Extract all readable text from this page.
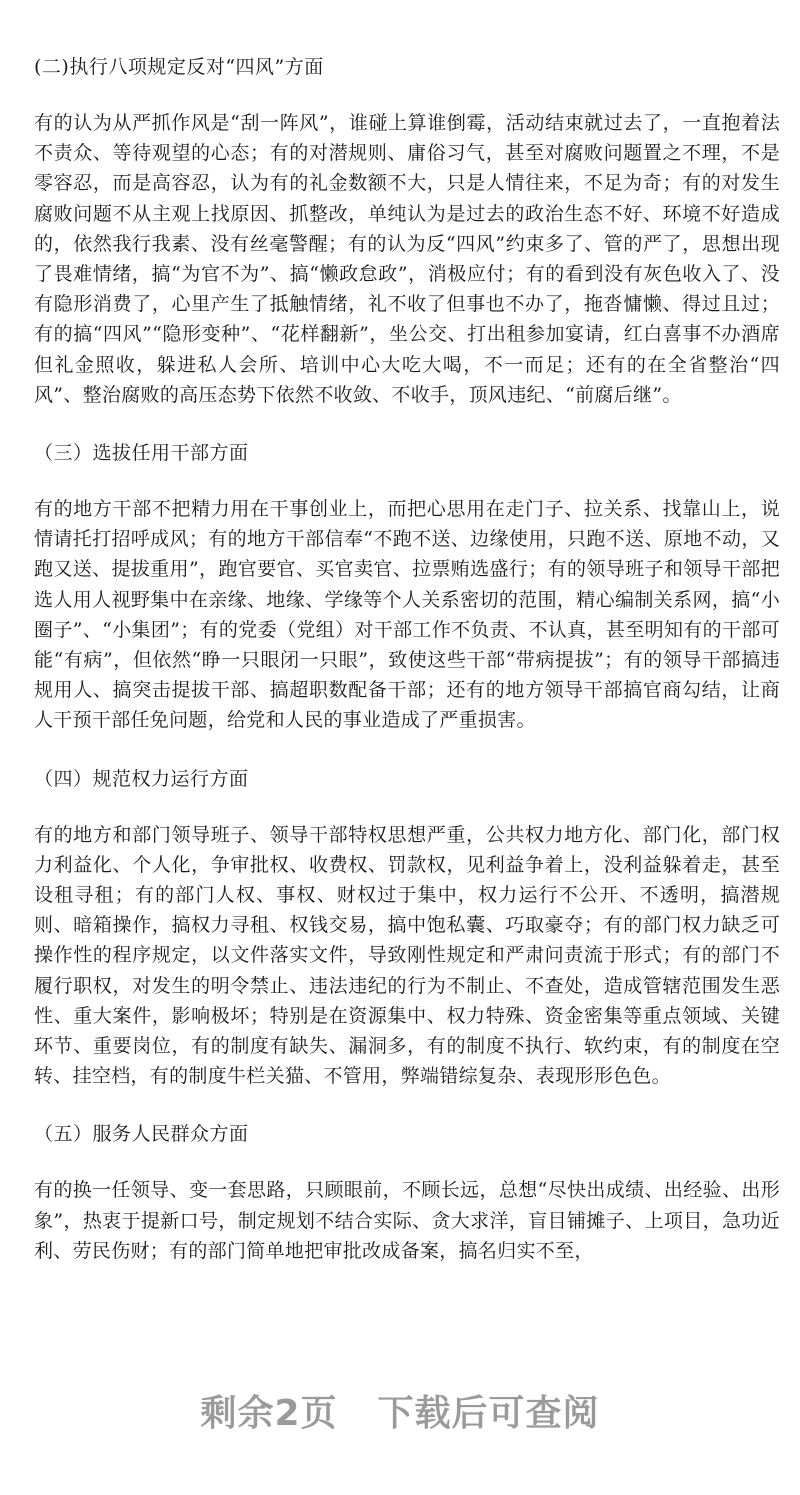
(二)执行八项规定反对“四风”方面

有的认为从严抓作风是“刮一阵风”，谁碰上算谁倒霉，活动结束就过去了，一直抱着法不责众、等待观望的心态；有的对潜规则、庸俗习气，甚至对腐败问题置之不理，不是零容忍，而是高容忍，认为有的礼金数额不大，只是人情往来，不足为奇；有的对发生腐败问题不从主观上找原因、抓整改，单纯认为是过去的政治生态不好、环境不好造成的，依然我行我素、没有丝毫警醒；有的认为反“四风”约束多了、管的严了，思想出现了畏难情绪，搞“为官不为”、搞“懒政怠政”，消极应付；有的看到没有灰色收入了、没有隐形消费了，心里产生了抵触情绪，礼不收了但事也不办了，拖沓慵懒、得过且过；有的搞“四风”“隐形变种”、“花样翻新”，坐公交、打出租参加宴请，红白喜事不办酒席但礼金照收，躲进私人会所、培训中心大吃大喝，不一而足；还有的在全省整治“四风”、整治腐败的高压态势下依然不收敛、不收手，顶风违纪、“前腐后继”。

（三）选拔任用干部方面

有的地方干部不把精力用在干事创业上，而把心思用在走门子、拉关系、找靠山上，说情请托打招呼成风；有的地方干部信奉“不跑不送、边缘使用，只跑不送、原地不动，又跑又送、提拔重用”，跑官要官、买官卖官、拉票贿选盛行；有的领导班子和领导干部把选人用人视野集中在亲缘、地缘、学缘等个人关系密切的范围，精心编制关系网，搞“小圈子”、“小集团”；有的党委（党组）对干部工作不负责、不认真，甚至明知有的干部可能“有病”，但依然“睁一只眼闭一只眼”，致使这些干部“带病提拔”；有的领导干部搞违规用人、搞突击提拔干部、搞超职数配备干部；还有的地方领导干部搞官商勾结，让商人干预干部任免问题，给党和人民的事业造成了严重损害。

（四）规范权力运行方面

有的地方和部门领导班子、领导干部特权思想严重，公共权力地方化、部门化，部门权力利益化、个人化，争审批权、收费权、罚款权，见利益争着上，没利益躲着走，甚至设租寻租；有的部门人权、事权、财权过于集中，权力运行不公开、不透明，搞潜规则、暗箱操作，搞权力寻租、权钱交易，搞中饱私囊、巧取豪夺；有的部门权力缺乏可操作性的程序规定，以文件落实文件，导致刚性规定和严肃问责流于形式；有的部门不履行职权，对发生的明令禁止、违法违纪的行为不制止、不查处，造成管辖范围发生恶性、重大案件，影响极坏；特别是在资源集中、权力特殊、资金密集等重点领域、关键环节、重要岗位，有的制度有缺失、漏洞多，有的制度不执行、软约束，有的制度在空转、挂空档，有的制度牛栏关猫、不管用，弊端错综复杂、表现形形色色。

（五）服务人民群众方面

有的换一任领导、变一套思路，只顾眼前，不顾长远，总想“尽快出成绩、出经验、出形象”，热衷于提新口号，制定规划不结合实际、贪大求洋，盲目铺摊子、上项目，急功近利、劳民伤财；有的部门简单地把审批改成备案，搞名归实不至，

剩余2页 下载后可查阅
